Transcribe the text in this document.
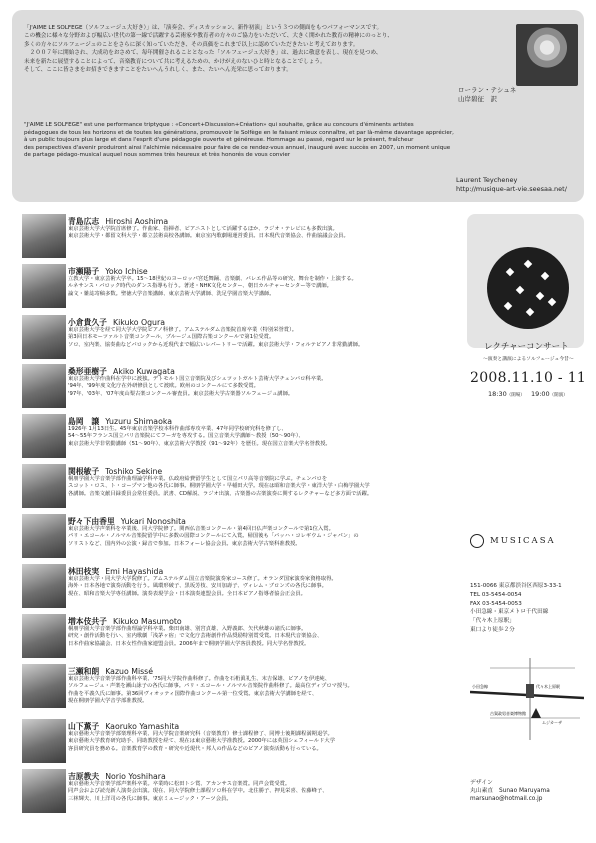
「J'AIME LE SOLFEGE（ソルフェージュ大好き）」は、「演奏会、ディスカッション、新作初演」という３つの側面をもつパフォーマンスです。

この機会に様々な分野および幅広い世代の第一線で活躍する芸術家や教育者の方々のご協力をいただいて、大きく開かれた教育の精神にのっとり、

多くの方々にソルフェージュのことをさらに深く知っていただき、その真価をこれまで以上に認めていただきたいと考えております。

　２００７年に開始され、大成功をおさめて、毎年開催されることとなった「ソルフェージュ大好き」は、過去に敬意を表し、現在を見つめ、

未来を新たに展望することによって、音楽教育について共に考えるための、かけがえのないひと時となることでしょう。

そして、ここに皆さまをお招きできますことをたいへんうれしく、また、たいへん光栄に思っております。

ローラン・テシュネ
山岸碧征　訳

"J'AIME LE SOLFEGE" est une performance triptyque : «Concert+Discussion+Création» qui souhaite, grâce au concours d'éminents artistes

pédagogues de tous les horizons et de toutes les générations, promouvoir le Solfège en le faisant mieux connaître, et par là-même davantage apprécier,

à un public toujours plus large et dans l'esprit d'une pédagogie ouverte et généreuse. Hommage au passé, regard sur le présent, fraîcheur

des perspectives d'avenir produiront ainsi l'alchimie nécessaire pour faire de ce rendez-vous annuel, inauguré avec succès en 2007, un moment unique

de partage pédago-musical auquel nous sommes très heureux et très honorés de vous convier

Laurent Teycheney
http://musique-art-vie.seesaa.net/
青島広志 Hiroshi Aoshima
東京芸術大学大学院首席修了。作曲家、指揮者、ピアニストとして活躍するほか、ラジオ・テレビにも多数出演。
東京芸術大学・都留文科大学・都立芸術高校各講師。東京室内歌劇場運営委員。日本現代音楽協会、作曲協議会会員。
市瀬陽子 Yoko Ichise
立教大学・東京芸術大学卒。15～18世紀のヨーロッパ宮廷舞踊、音楽劇、バレエ作品等の研究、舞台を制作・上演する。
ルネサンス・バロック時代のダンス指導も行う。著述・NHK文化センター、朝日カルチャーセンター等で講師。
論文・雑誌寄稿多数。聖徳大学音楽講師、東京芸術大学講師、洗足学園音楽大学講師。
小倉貴久子 Kikuko Ogura
東京芸術大学を経て同大学大学院ピアノ科修了。アムステルダム音楽院首席卒業（特別栄誉賞）。
第3回日本モーツァルト音楽コンクール、ブルージュ国際古楽コンクールで第1位受賞。
ソロ、室内楽、協奏曲などバロックから近現代まで幅広いレパートリーで活躍。東京芸術大学・フォルテピアノ非常勤講師。
桑形亜樹子 Akiko Kuwagata
東京芸術大学作曲科在学中に渡独。デトモルト国立音楽院及びシュツットガルト芸術大学チェンバロ科卒業。
'94年、'99年度文化庁在外研修員として渡欧。欧州のコンクールにて多数受賞。
'97年、'03年、'07年度山梨古楽コンクール審査員。東京芸術大学古楽器ソルフェージュ講師。
島岡　譲 Yuzuru Shimaoka
1926年 1月13日生。45年東京音楽学校本科作曲部専攻卒業、47年同学校研究科を修了し、
54～55年フランス国立パリ音楽院にてフーガを専攻する。国立音楽大学講師～教授（50～90年）、
東京芸術大学非常勤講師（51～90年）、東京芸術大学教授（91～92年）を歴任。現在国立音楽大学名誉教授。
関根敏子 Toshiko Sekine
桐朋学園大学音楽学部作曲理論学科卒業。仏政府給費留学生として国立パリ高等音楽院に学ぶ。チェンバロを
スコット・ロス、ト・コープマン他の各氏に師事。桐朋学園大学・早稲田大学。現在は昭和音楽大学・東洋大学・白梅学園大学
各講師。音楽文献目録委員会常任委員。訳書、CD解説、ラジオ出演、古楽器の古楽演奏に関するレクチャーなど多方面で活躍。
野々下由香里 Yukari Nonoshita
東京芸術大学声楽科を卒業後、同大学院修了。関西仏音楽コンクール・第4回日仏声楽コンクールで第1位入賞。
パリ・エコール・ノルマル音楽院留学中に多数の国際コンクールにて入賞。帰国後も「バッハ・コレギウム・ジャパン」の
ソリストなど、国内外の公演・録音で参加。日本フォーレ協会会員。東京芸術大学古楽科准教授。
林田枝実 Emi Hayashida
東京芸術大学・同大学大学院修了。アムステルダム国立音楽院演奏家コース修了。オランダ国家演奏家資格取得。
海外・日本各地で演奏活動を行う。風環形破子、黒坂芳枝、安川加壽子、ヴィレム・ブロンズの各氏に師事。
現在、昭和音楽大学専任講師。演奏表現学会・日本演奏連盟会員。全日本ピアノ指導者協会正会員。
増本伎共子 Kikuko Masumoto
桐朋学園大学音楽学部作曲理論学科卒業。柴田南雄、別宮貞雄、入野義郎、矢代秋雄の諸氏に師事。
研究・創作活動を行い、室内歌劇「浅茅ヶ宿」で文化庁芸術創作作品奨励特別賞受賞。日本現代音楽協会、
日本作曲家協議会、日本女性作曲家連盟会員。2006年まで桐朋学園大学客員教授。同大学名誉教授。
三瀬和朗 Kazuo Missé
東京芸術大学音楽学部作曲科卒業、'75同大学院作曲科修了。作曲を石桁眞礼生、末吉保雄、ピアノを伊達純、
ソルフェージュ・声楽を瀬山詠子の各氏に師事。パリ・エコール・ノルマル音楽院作曲科修了。最高位ディプロマ授与。
作曲を平義久氏に師事。第36回ヴィオッティ国際作曲コンクール第一位受賞。東京芸術大学講師を経て、
現在桐朋学園大学音学部准教授。
山下薫子 Kaoruko Yamashita
東京藝術大学音楽学部楽理科卒業、同大学院音楽研究科（音楽教育）修士課程修了、同博士後期課程満期退学。
東京藝術大学教育研究助手、同助教授を経て、現在は東京藝術大学准教授。2000年には英国シェフィールド大学
客員研究員を務める。音楽教育学の教育・研究や近現代・邦人の作品などのピアノ演奏活動も行っている。
吉原教夫 Norio Yoshihara
東京藝術大学音楽学部声楽科卒業。卒業時に松田トシ賞、アカンサス音楽賞。同声会賞受賞。
同声会および読売新人演奏会出演。現在、同大学院修士課程ソロ科在学中。北住勝子、押見栄喜、佐藤峰子、
三林輝夫、川上洋司の各氏に師事。東京ミュージック・アーツ会員。
レクチャーコンサート
～演奏と講演によるソルフェージュ今昔～
2008.11.10 - 11
18:30（開場） 19:00（開演）
MUSICASA
151-0066 東京都渋谷区西原3-33-1
TEL 03-5454-0054
FAX 03-5454-0053
小田急線・東京メトロ千代田線
「代々木上原駅」
東口より徒歩２分
小田急線	代々木上原駅
古賀政男音楽博物館
ムジカーザ
デザイン
丸山素直　Sunao Maruyama
marsunao@hotmail.co.jp
